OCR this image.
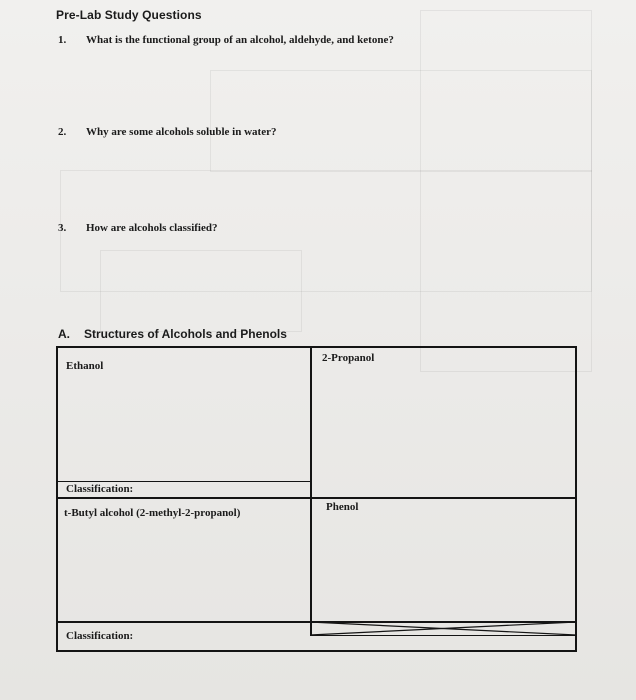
Pre-Lab Study Questions
1. What is the functional group of an alcohol, aldehyde, and ketone?
2. Why are some alcohols soluble in water?
3. How are alcohols classified?
A. Structures of Alcohols and Phenols
Ethanol
2-Propanol
Classification:
t-Butyl alcohol (2-methyl-2-propanol)	Phenol
Classification:
